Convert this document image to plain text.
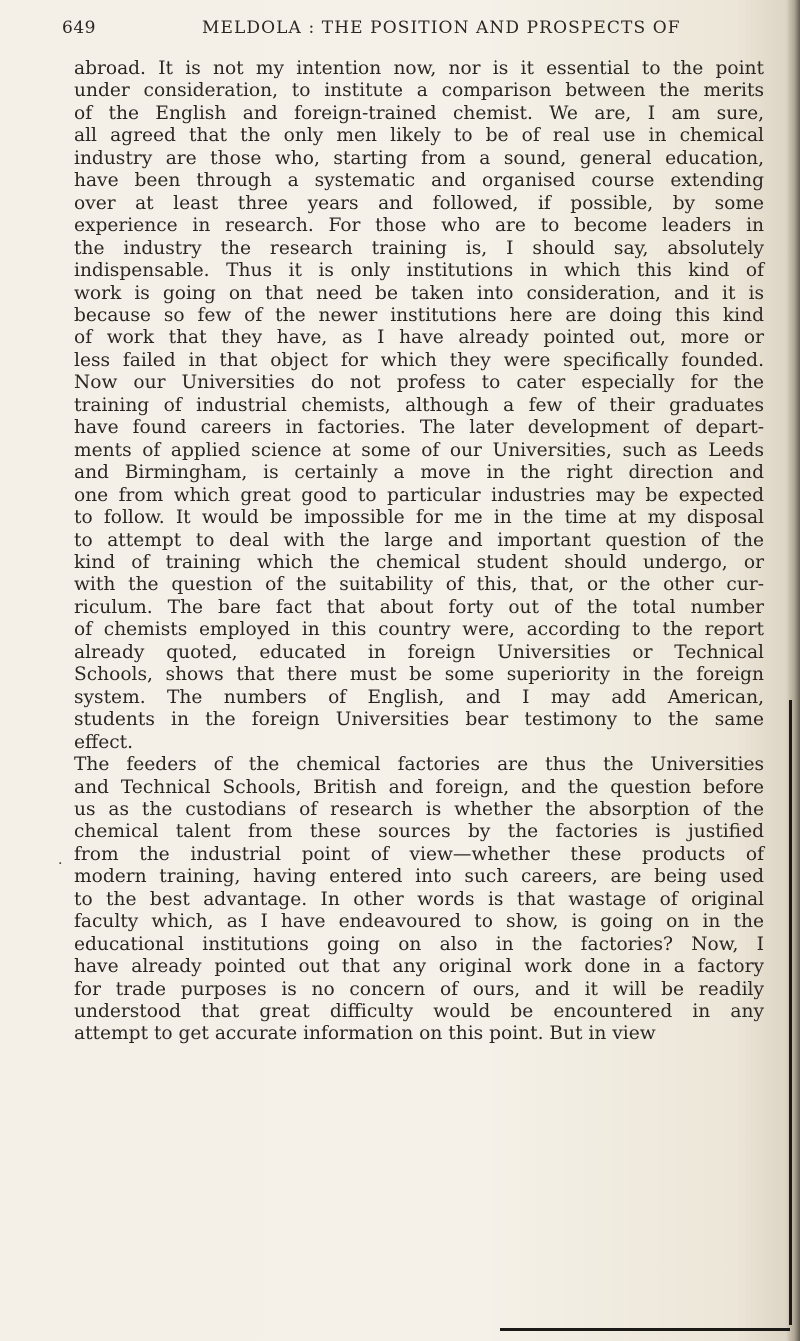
649	MELDOLA : THE POSITION AND PROSPECTS OF
.
abroad. It is not my intention now, nor is it essential to the point
under consideration, to institute a comparison between the merits
of the English and foreign-trained chemist. We are, I am sure,
all agreed that the only men likely to be of real use in chemical
industry are those who, starting from a sound, general education,
have been through a systematic and organised course extending
over at least three years and followed, if possible, by some
experience in research. For those who are to become leaders in
the industry the research training is, I should say, absolutely
indispensable. Thus it is only institutions in which this kind of
work is going on that need be taken into consideration, and it is
because so few of the newer institutions here are doing this kind
of work that they have, as I have already pointed out, more or
less failed in that object for which they were specifically founded.
Now our Universities do not profess to cater especially for the
training of industrial chemists, although a few of their graduates
have found careers in factories. The later development of depart-
ments of applied science at some of our Universities, such as Leeds
and Birmingham, is certainly a move in the right direction and
one from which great good to particular industries may be expected
to follow. It would be impossible for me in the time at my disposal
to attempt to deal with the large and important question of the
kind of training which the chemical student should undergo, or
with the question of the suitability of this, that, or the other cur-
riculum. The bare fact that about forty out of the total number
of chemists employed in this country were, according to the report
already quoted, educated in foreign Universities or Technical
Schools, shows that there must be some superiority in the foreign
system. The numbers of English, and I may add American,
students in the foreign Universities bear testimony to the same
effect.
The feeders of the chemical factories are thus the Universities
and Technical Schools, British and foreign, and the question before
us as the custodians of research is whether the absorption of the
chemical talent from these sources by the factories is justified
from the industrial point of view—whether these products of
modern training, having entered into such careers, are being used
to the best advantage. In other words is that wastage of original
faculty which, as I have endeavoured to show, is going on in the
educational institutions going on also in the factories? Now, I
have already pointed out that any original work done in a factory
for trade purposes is no concern of ours, and it will be readily
understood that great difficulty would be encountered in any
attempt to get accurate information on this point. But in view
